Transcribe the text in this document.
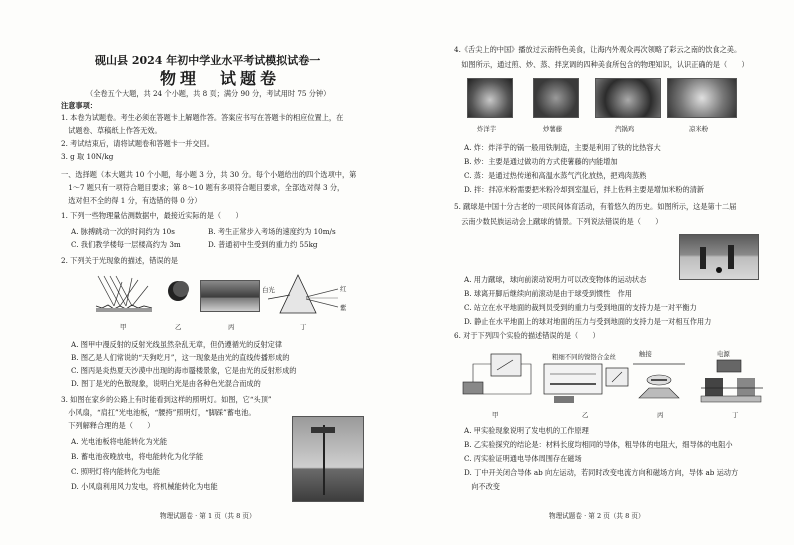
砚山县 2024 年初中学业水平考试模拟试卷一
物理　试题卷
（全卷五个大题，共 24 个小题，共 8 页；满分 90 分，考试用时 75 分钟）
注意事项：
1. 本卷为试题卷。考生必须在答题卡上解题作答。答案应书写在答题卡的相应位置上，在
　试题卷、草稿纸上作答无效。
2. 考试结束后，请将试题卷和答题卡一并交回。
3. g 取 10N/kg
一、选择题（本大题共 10 个小题，每小题 3 分，共 30 分。每个小题给出的四个选项中，第
　1～7 题只有一项符合题目要求；第 8～10 题有多项符合题目要求，全部选对得 3 分，
　选对但不全的得 1 分，有选错的得 0 分）
1. 下列一些物理量估测数据中，最接近实际的是（　　）
A. 脉搏跳动一次的时间约为 10s	B. 考生正常步入考场的速度约为 10m/s
C. 我们教学楼每一层楼高约为 3m	D. 普通初中生受到的重力约 55kg
2. 下列关于光现象的描述，错误的是
白光	红
紫
甲	乙	丙	丁
A. 图甲中漫反射的反射光线虽然杂乱无章，但仍遵循光的反射定律
B. 图乙是人们常说的“天狗吃月”，这一现象是由光的直线传播形成的
C. 图丙是炎热夏天沙漠中出现的海市蜃楼景象，它是由光的反射形成的
D. 图丁是光的色散现象，说明白光是由各种色光混合而成的
3. 如图在家乡的公路上有时能看到这样的照明灯。如图，它“头顶”
　小风扇，“肩扛”光电池板，“腰挎”照明灯，“脚踩”蓄电池。
　下列解释合理的是（　　）
A. 光电池板将电能转化为光能
B. 蓄电池夜晚放电，将电能转化为化学能
C. 照明灯将内能转化为电能
D. 小风扇利用风力发电，将机械能转化为电能
物理试题卷 · 第 1 页（共 8 页）
4.《舌尖上的中国》播放过云南特色美食，让海内外观众再次领略了彩云之南的饮食之美。
　如图所示，通过煎、炒、蒸、拌烹调的四种美食所包含的物理知识，认识正确的是（　　）
炸洋芋	炒薯藤	汽锅鸡	凉米粉
A. 炸：炸洋芋的锅一般用铁制造，主要是利用了铁的比热容大
B. 炒：主要是通过做功的方式使薯藤的内能增加
C. 蒸：是通过热传递和高温水蒸气汽化放热，把鸡肉蒸熟
D. 拌：拌凉米粉需要把米粉冷却到室温后，拌上佐料主要是增加米粉的清新
5. 蹴球是中国十分古老的一项民间体育活动，有着悠久的历史。如图所示，这是第十二届
　云南少数民族运动会上蹴球的情景。下列说法错误的是（　　）
A. 用力蹴球，球向前滚动说明力可以改变物体的运动状态
B. 球离开脚后继续向前滚动是由于球受到惯性　作用
C. 站立在水平地面的裁判员受到的重力与受到地面的支持力是一对平衡力
D. 静止在水平地面上的球对地面的压力与受到地面的支持力是一对相互作用力
6. 对于下列四个实验的描述错误的是（　　）
粗细不同的镍铬合金丝	触接	电源
甲	乙	丙	丁
A. 甲实验现象说明了发电机的工作原理
B. 乙实验探究的结论是：材料长度均相同的导体，粗导体的电阻大，细导体的电阻小
C. 丙实验证明通电导体周围存在磁场
D. 丁中开关闭合导体 ab 向左运动，若同时改变电流方向和磁场方向，导体 ab 运动方
　向不改变
物理试题卷 · 第 2 页（共 8 页）
